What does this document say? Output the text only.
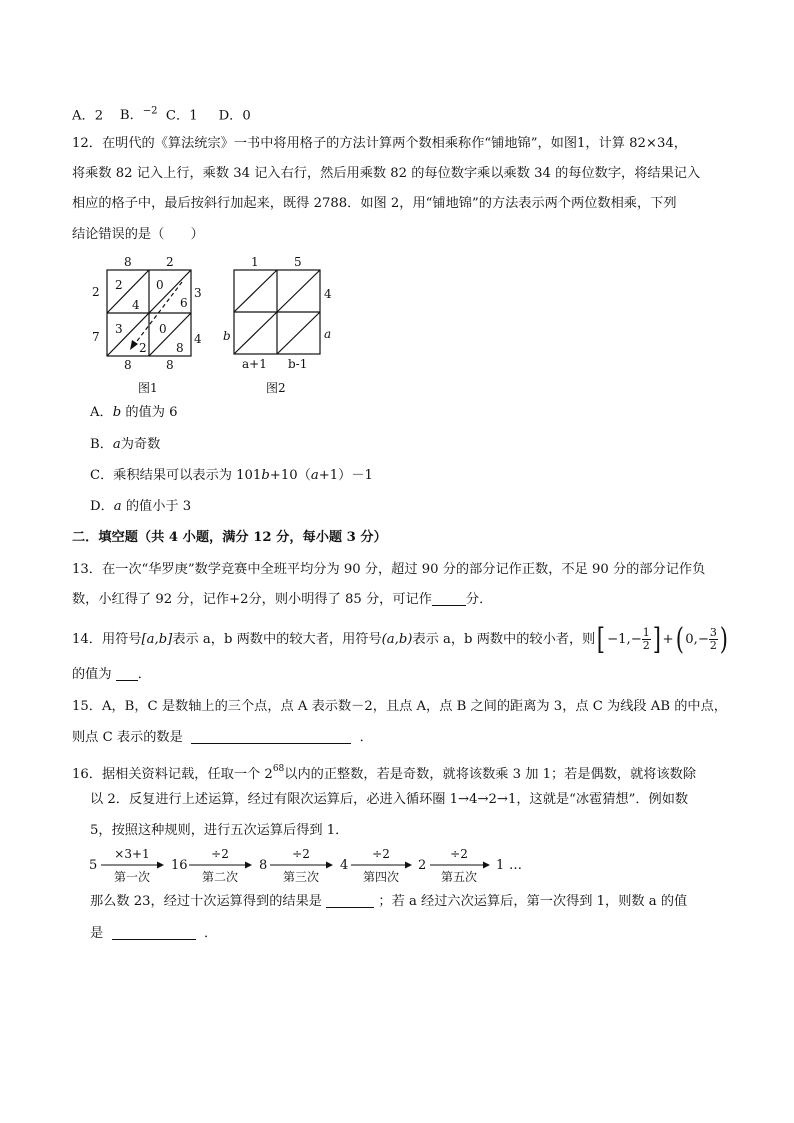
A．2 B．$^{-2}$ C．1 D．0
12．在明代的《算法统宗》一书中将用格子的方法计算两个数相乘称作“铺地锦”，如图1，计算 82×34，
将乘数 82 记入上行，乘数 34 记入右行，然后用乘数 82 的每位数字乘以乘数 34 的每位数字，将结果记入
相应的格子中，最后按斜行加起来，既得 2788．如图 2，用“铺地锦”的方法表示两个两位数相乘，下列
结论错误的是（　　）
8	2
2
7
3
4
8	8
2
4
0
6
3
2
0
8
图1
1	5
4
a
b
a+1 b-1
图2
A．b 的值为 6
B．a为奇数
C．乘积结果可以表示为 101b+10（a+1）－1
D．a 的值小于 3
二．填空题（共 4 小题，满分 12 分，每小题 3 分）
13．在一次“华罗庚”数学竞赛中全班平均分为 90 分，超过 90 分的部分记作正数，不足 90 分的部分记作负
数，小红得了 92 分，记作+2分，则小明得了 85 分，可记作	分．
14．用符号[a,b]表示 a，b 两数中的较大者，用符号(a,b)表示 a，b 两数中的较小者，则[ $-1,- \frac{1}{2}$ ] +( $0,- \frac{3}{2}$ )
的值为 ．
15．A，B，C 是数轴上的三个点，点 A 表示数－2，且点 A，点 B 之间的距离为 3，点 C 为线段 AB 的中点，
则点 C 表示的数是	．
16．据相关资料记载，任取一个 $2^{68}$以内的正整数，若是奇数，就将该数乘 3 加 1；若是偶数，就将该数除
以 2．反复进行上述运算，经过有限次运算后，必进入循环圈 1→4→2→1，这就是“冰雹猜想”．例如数
5，按照这种规则，进行五次运算后得到 1．
5	16	8	4	2	1 …
×3+1	÷2	÷2	÷2	÷2
第一次	第二次	第三次	第四次	第五次
那么数 23，经过十次运算得到的结果是	；若 a 经过六次运算后，第一次得到 1，则数 a 的值
是	．
